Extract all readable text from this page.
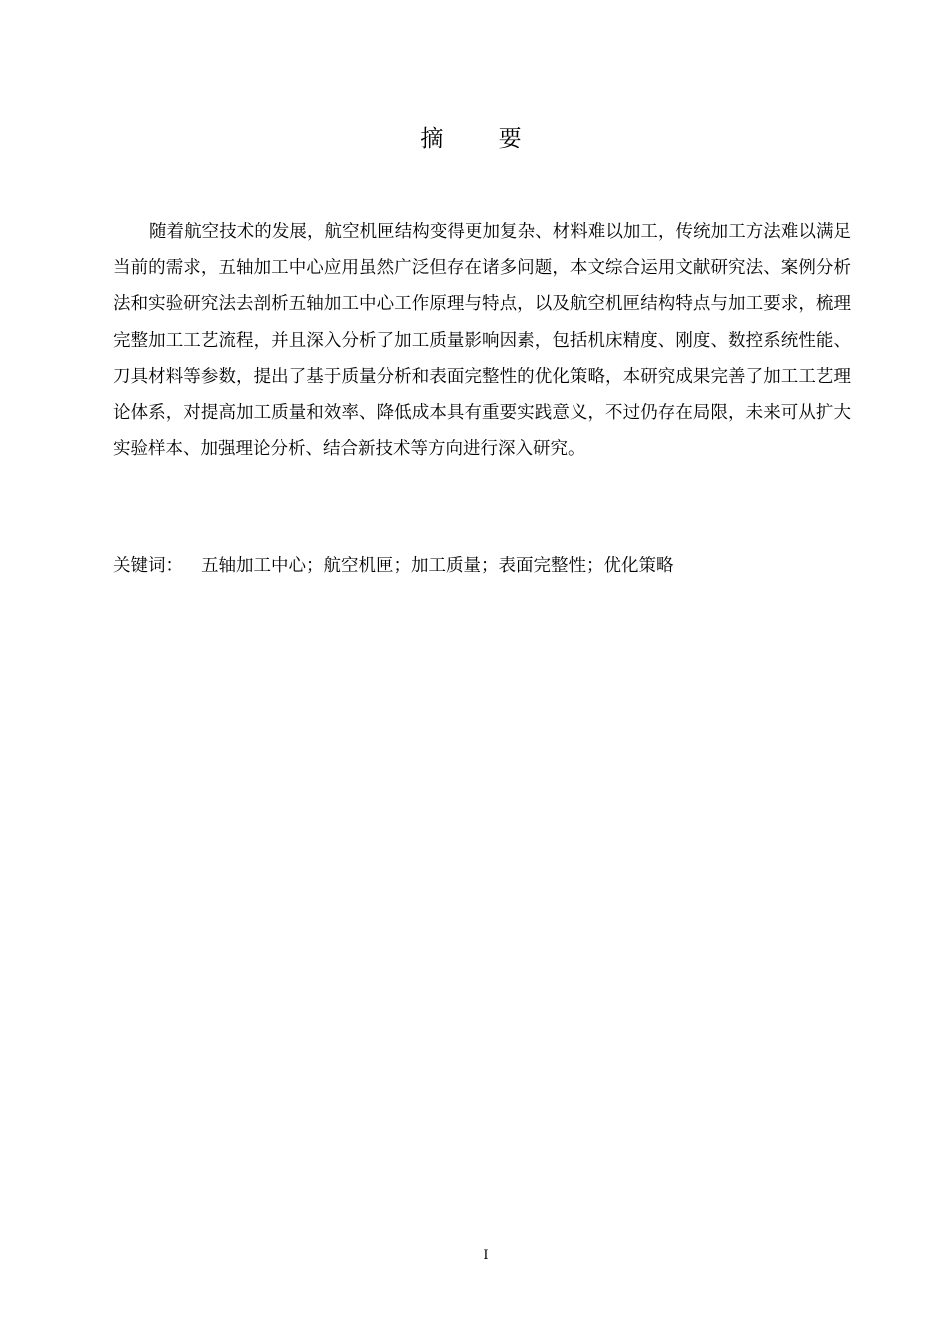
摘 要

随着航空技术的发展，航空机匣结构变得更加复杂、材料难以加工，传统加工方法难以满足当前的需求，五轴加工中心应用虽然广泛但存在诸多问题，本文综合运用文献研究法、案例分析法和实验研究法去剖析五轴加工中心工作原理与特点，以及航空机匣结构特点与加工要求，梳理完整加工工艺流程，并且深入分析了加工质量影响因素，包括机床精度、刚度、数控系统性能、刀具材料等参数，提出了基于质量分析和表面完整性的优化策略，本研究成果完善了加工工艺理论体系，对提高加工质量和效率、降低成本具有重要实践意义，不过仍存在局限，未来可从扩大实验样本、加强理论分析、结合新技术等方向进行深入研究。

关键词： 五轴加工中心；航空机匣；加工质量；表面完整性；优化策略

I
